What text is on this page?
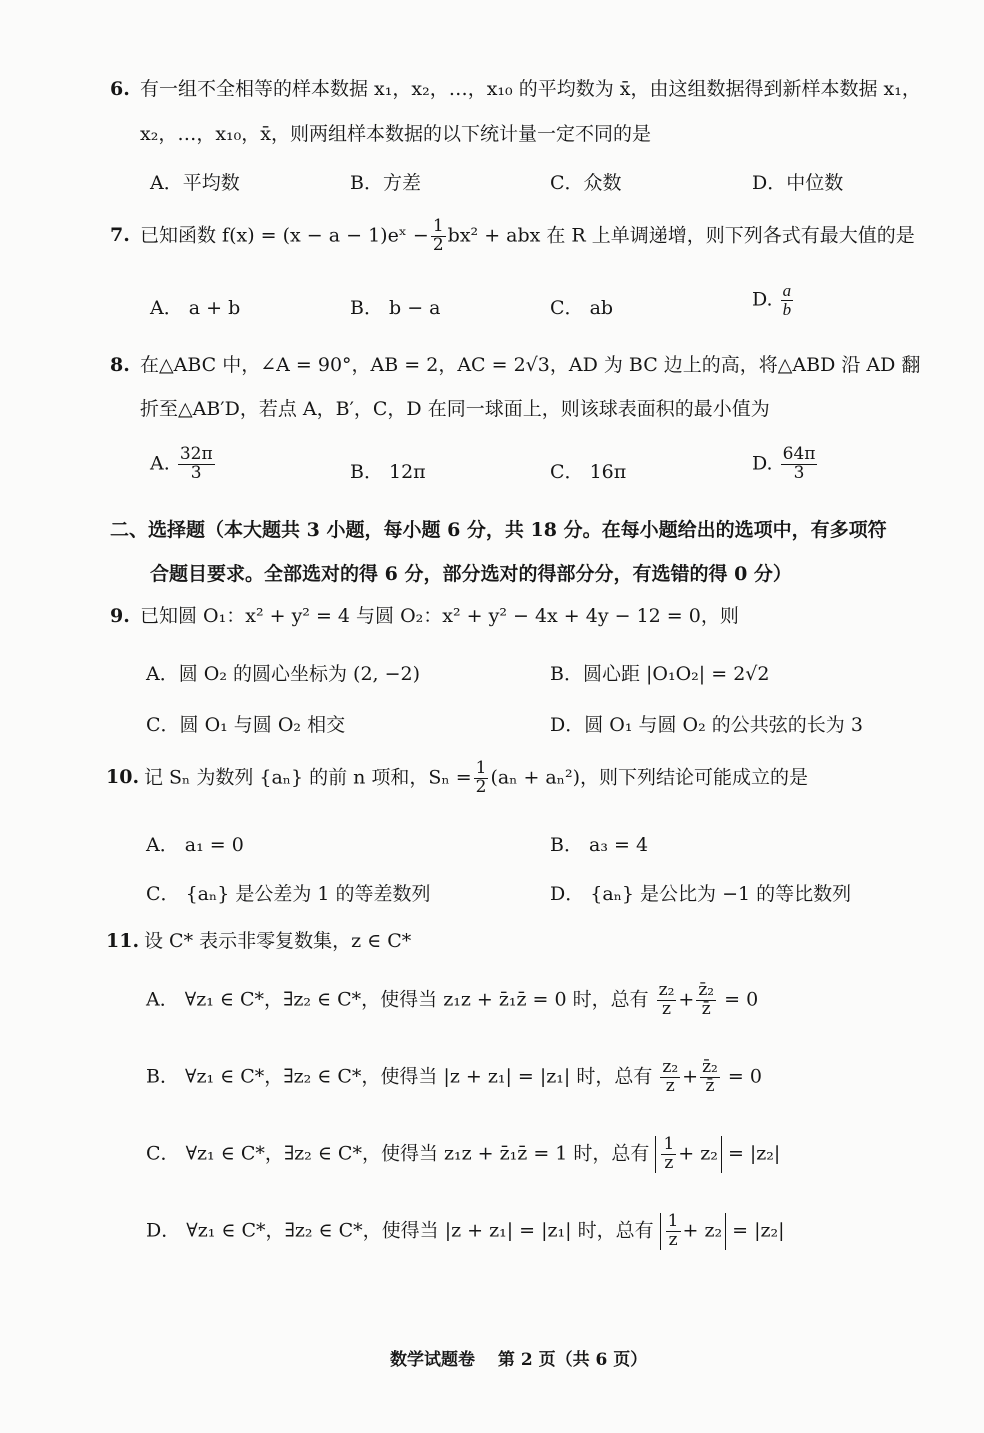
6. 有一组不全相等的样本数据 x₁，x₂，…，x₁₀ 的平均数为 x̄，由这组数据得到新样本数据 x₁，
x₂，…，x₁₀，x̄，则两组样本数据的以下统计量一定不同的是
A．平均数	B．方差	C．众数	D．中位数
7. 已知函数 f(x) = (x − a − 1)eˣ − $\frac{1}{2} bx^2$ + abx 在 R 上单调递增，则下列各式有最大值的是
A． a + b	B． b − a	C． ab	D. $\frac{a}{b}$
8. 在△ABC 中，∠A = 90°，AB = 2，AC = 2√3，AD 为 BC 边上的高，将△ABD 沿 AD 翻
折至△AB′D，若点 A，B′，C，D 在同一球面上，则该球表面积的最小值为
A. $\frac{32\pi}{3}$	B． 12π	C． 16π	D. $\frac{64\pi}{3}$
二、选择题（本大题共 3 小题，每小题 6 分，共 18 分。在每小题给出的选项中，有多项符
合题目要求。全部选对的得 6 分，部分选对的得部分分，有选错的得 0 分）
9. 已知圆 O₁：x² + y² = 4 与圆 O₂：x² + y² − 4x + 4y − 12 = 0，则
A．圆 O₂ 的圆心坐标为 (2, −2)	B．圆心距 |O₁O₂| = 2√2
C．圆 O₁ 与圆 O₂ 相交	D．圆 O₁ 与圆 O₂ 的公共弦的长为 3
10. 记 Sₙ 为数列 {aₙ} 的前 n 项和，$S_n = \frac{1}{2} (a_n + a_n^2)$，则下列结论可能成立的是
A． a₁ = 0	B． a₃ = 4
C． {aₙ} 是公差为 1 的等差数列	D． {aₙ} 是公比为 −1 的等比数列
11. 设 C* 表示非零复数集，z ∈ C*
A． ∀z₁ ∈ C*，∃z₂ ∈ C*，使得当 z₁z + z̄₁z̄ = 0 时，总有 $\frac{\text{z₂}}{z} + \frac{\text{z̄₂}}{z̄} = 0$
B． ∀z₁ ∈ C*，∃z₂ ∈ C*，使得当 |z + z₁| = |z₁| 时，总有 $\frac{\text{z₂}}{z} + \frac{\text{z̄₂}}{z̄} = 0$
C． ∀z₁ ∈ C*，∃z₂ ∈ C*，使得当 z₁z + z̄₁z̄ = 1 时，总有 $\frac{1}{z} + z_2 = |z_2|$
D． ∀z₁ ∈ C*，∃z₂ ∈ C*，使得当 |z + z₁| = |z₁| 时，总有 $\frac{1}{z} + z_2 = |z_2|$
数学试题卷　 第 2 页（共 6 页）
